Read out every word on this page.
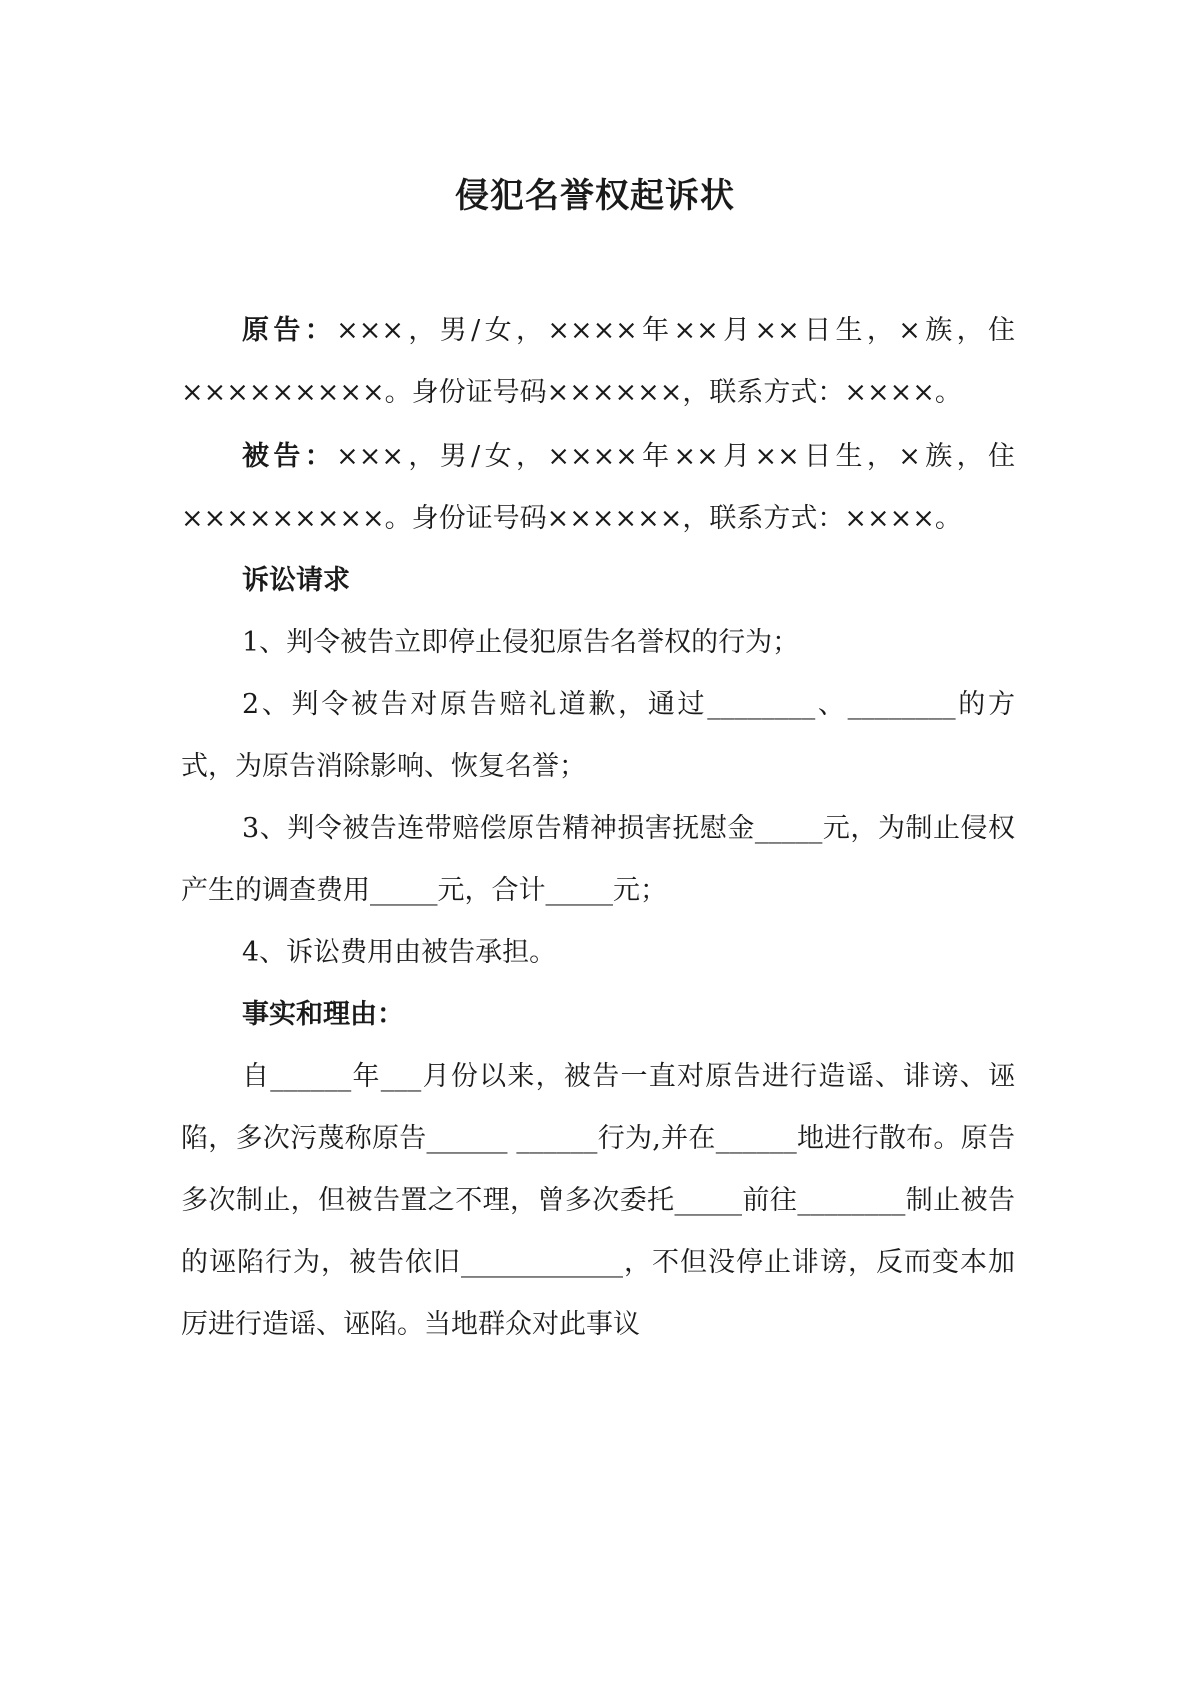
侵犯名誉权起诉状

原告：×××，男/女，××××年××月××日生，×族，住×××××××××。身份证号码××××××，联系方式：××××。

被告：×××，男/女，××××年××月××日生，×族，住×××××××××。身份证号码××××××，联系方式：××××。

诉讼请求

1、判令被告立即停止侵犯原告名誉权的行为；

2、判令被告对原告赔礼道歉，通过________、________的方式，为原告消除影响、恢复名誉；

3、判令被告连带赔偿原告精神损害抚慰金_____元，为制止侵权产生的调查费用_____元，合计_____元；

4、诉讼费用由被告承担。

事实和理由：

自______年___月份以来，被告一直对原告进行造谣、诽谤、诬陷，多次污蔑称原告______ ______行为,并在______地进行散布。原告多次制止，但被告置之不理，曾多次委托_____前往________制止被告的诬陷行为，被告依旧____________，不但没停止诽谤，反而变本加厉进行造谣、诬陷。当地群众对此事议
